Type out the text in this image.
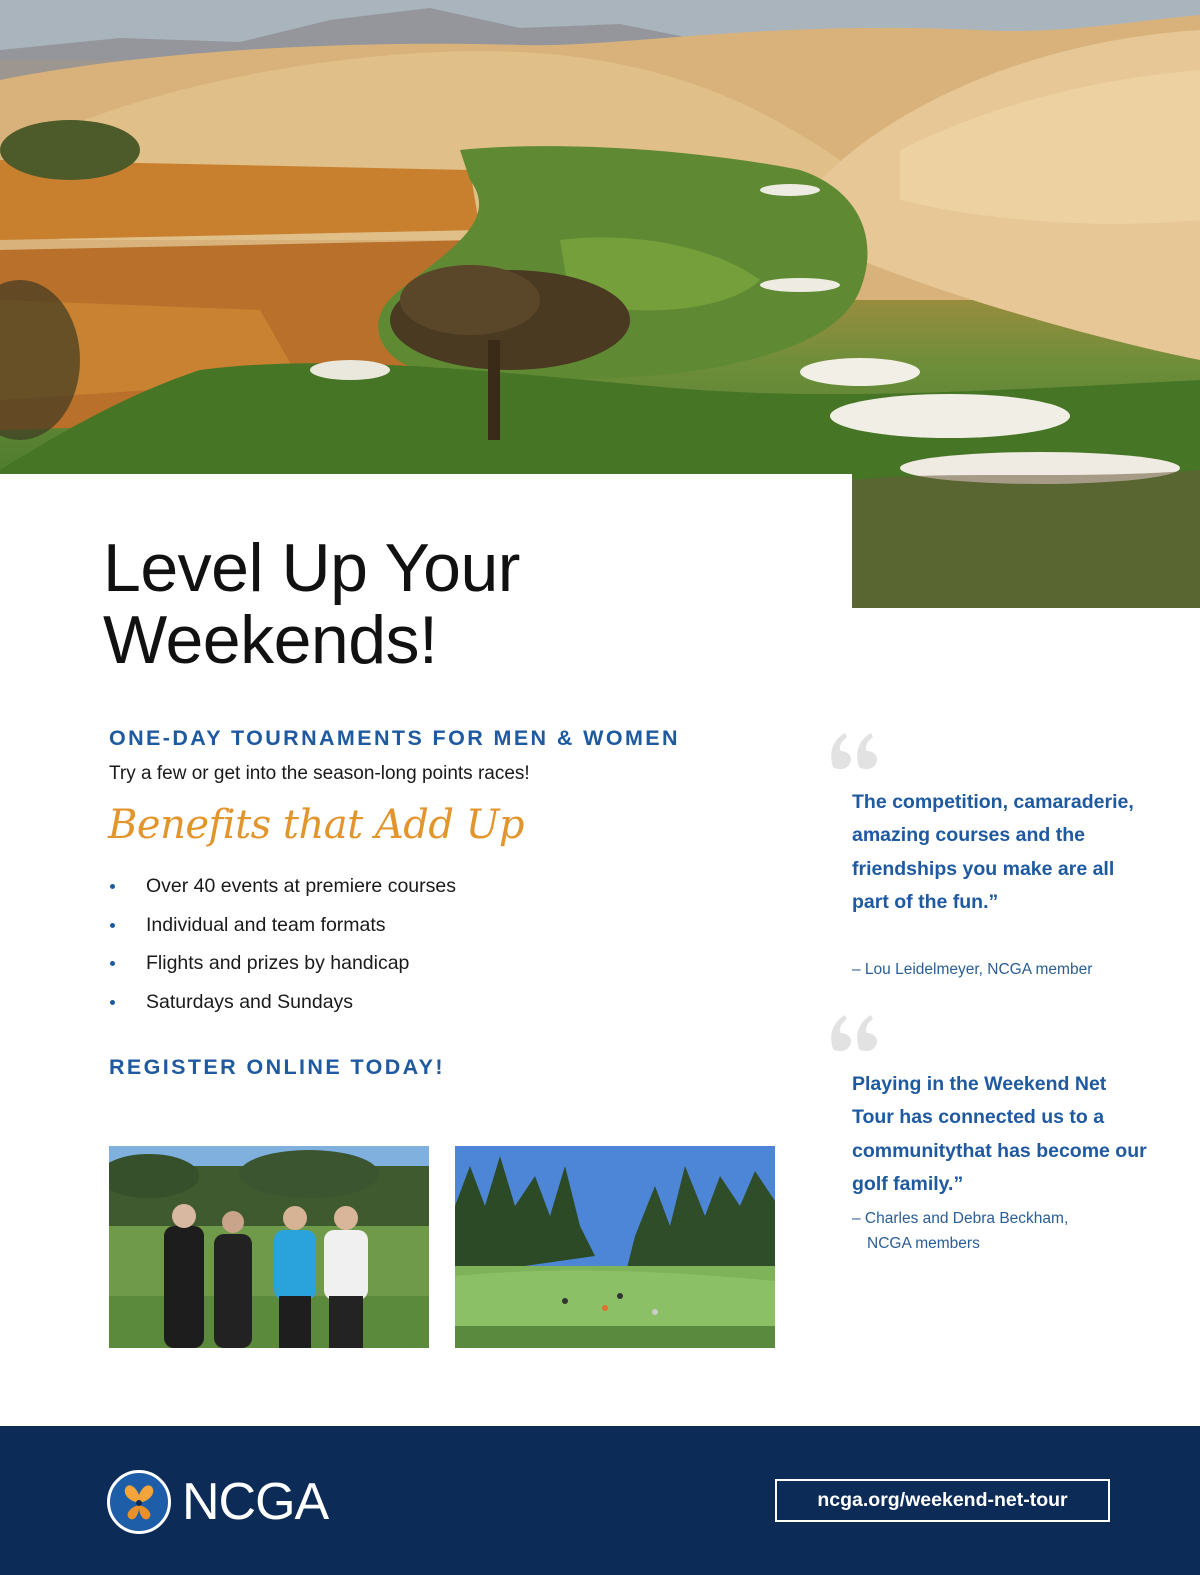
Level Up Your
Weekends!

ONE-DAY TOURNAMENTS FOR MEN & WOMEN

Try a few or get into the season-long points races!

Benefits that Add Up

Over 40 events at premiere courses
Individual and team formats
Flights and prizes by handicap
Saturdays and Sundays

REGISTER ONLINE TODAY!

The competition, camaraderie, amazing courses and the friendships you make are all part of the fun.”

– Lou Leidelmeyer, NCGA member

Playing in the Weekend Net Tour has connected us to a communitythat has become our golf family.”

– Charles and Debra Beckham,
NCGA members

NCGA	ncga.org/weekend-net-tour
